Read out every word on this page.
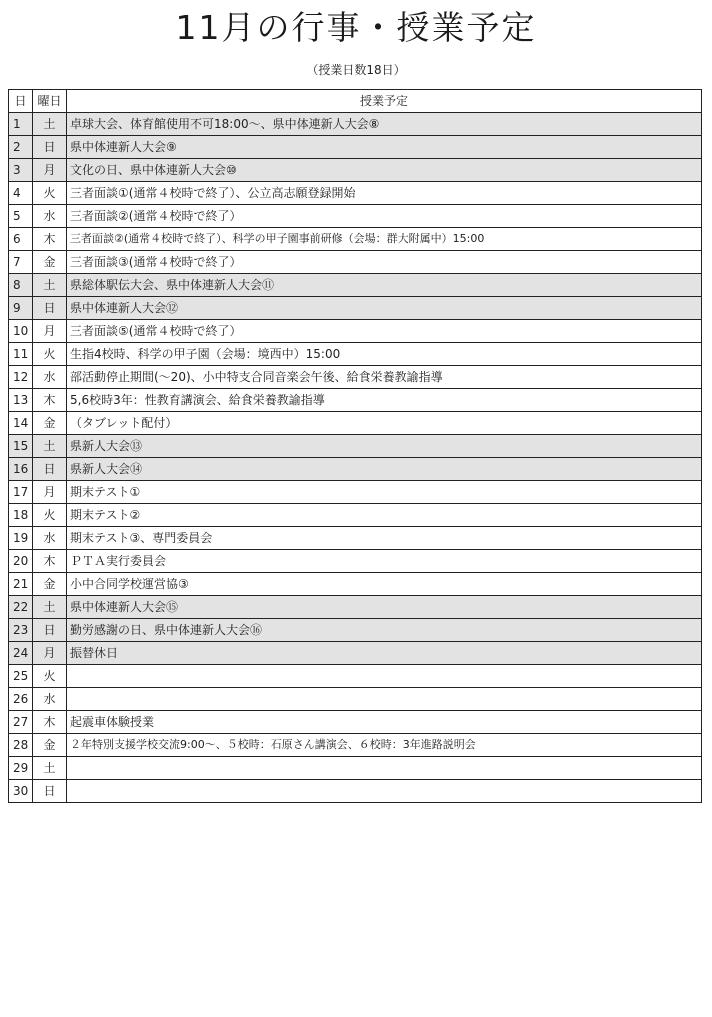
11月の行事・授業予定
（授業日数18日）
日	曜日	授業予定
1	土	卓球大会、体育館使用不可18:00〜、県中体連新人大会⑧
2	日	県中体連新人大会⑨
3	月	文化の日、県中体連新人大会⑩
4	火	三者面談①(通常４校時で終了）、公立高志願登録開始
5	水	三者面談②(通常４校時で終了）
6	木	三者面談②(通常４校時で終了）、科学の甲子園事前研修（会場：群大附属中）15:00
7	金	三者面談③(通常４校時で終了）
8	土	県総体駅伝大会、県中体連新人大会⑪
9	日	県中体連新人大会⑫
10	月	三者面談⑤(通常４校時で終了）
11	火	生指4校時、科学の甲子園（会場：境西中）15:00
12	水	部活動停止期間(〜20)、小中特支合同音楽会午後、給食栄養教諭指導
13	木	5,6校時3年：性教育講演会、給食栄養教諭指導
14	金	（タブレット配付）
15	土	県新人大会⑬
16	日	県新人大会⑭
17	月	期末テスト①
18	火	期末テスト②
19	水	期末テスト③、専門委員会
20	木	ＰＴＡ実行委員会
21	金	小中合同学校運営協③
22	土	県中体連新人大会⑮
23	日	勤労感謝の日、県中体連新人大会⑯
24	月	振替休日
25	火	
26	水	
27	木	起震車体験授業
28	金	２年特別支援学校交流9:00〜、５校時：石原さん講演会、６校時：3年進路説明会
29	土	
30	日	
